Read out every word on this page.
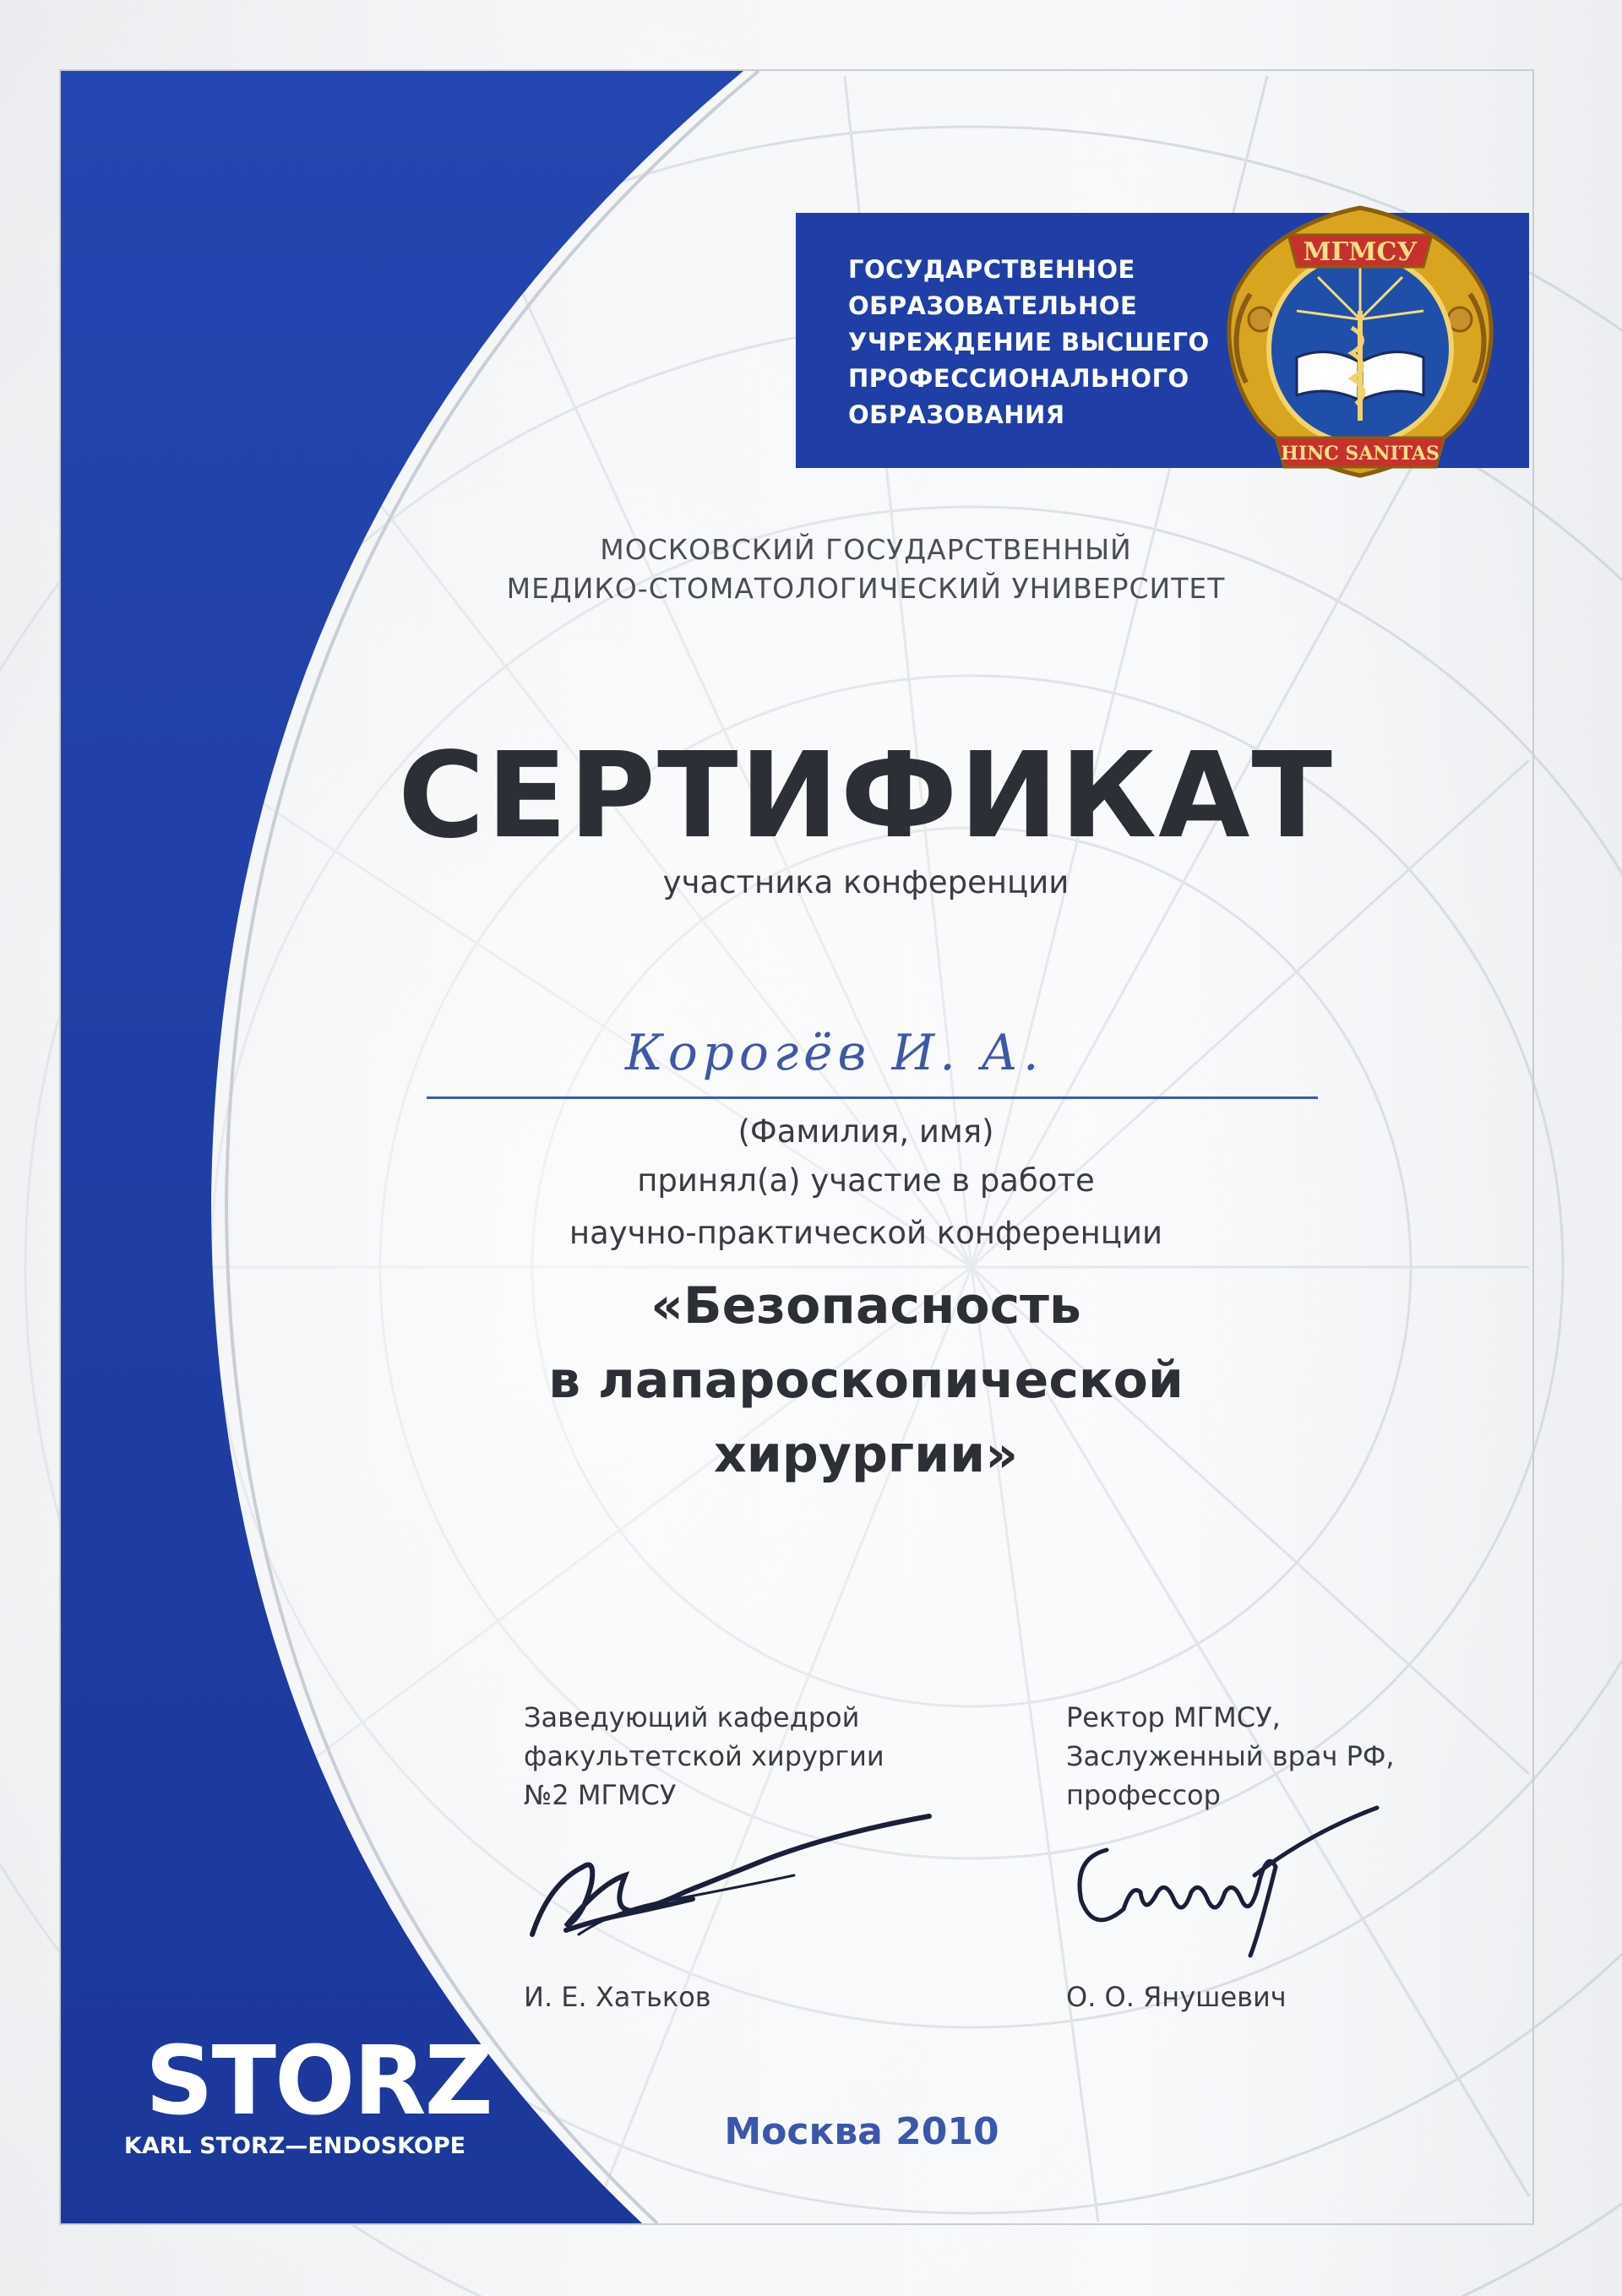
ГОСУДАРСТВЕННОЕ
ОБРАЗОВАТЕЛЬНОЕ
УЧРЕЖДЕНИЕ ВЫСШЕГО
ПРОФЕССИОНАЛЬНОГО
ОБРАЗОВАНИЯ
МГМСУ
HINC SANITAS
МОСКОВСКИЙ ГОСУДАРСТВЕННЫЙ
МЕДИКО-СТОМАТОЛОГИЧЕСКИЙ УНИВЕРСИТЕТ
СЕРТИФИКАТ
участника конференции
Корогёв И. А.
(Фамилия, имя)
принял(а) участие в работе
научно-практической конференции
«Безопасность
в лапароскопической
хирургии»
Заведующий кафедрой
факультетской хирургии
№2 МГМСУ
И. Е. Хатьков
Ректор МГМСУ,
Заслуженный врач РФ,
профессор
О. О. Янушевич
Москва 2010
STORZ
KARL STORZ—ENDOSKOPE
